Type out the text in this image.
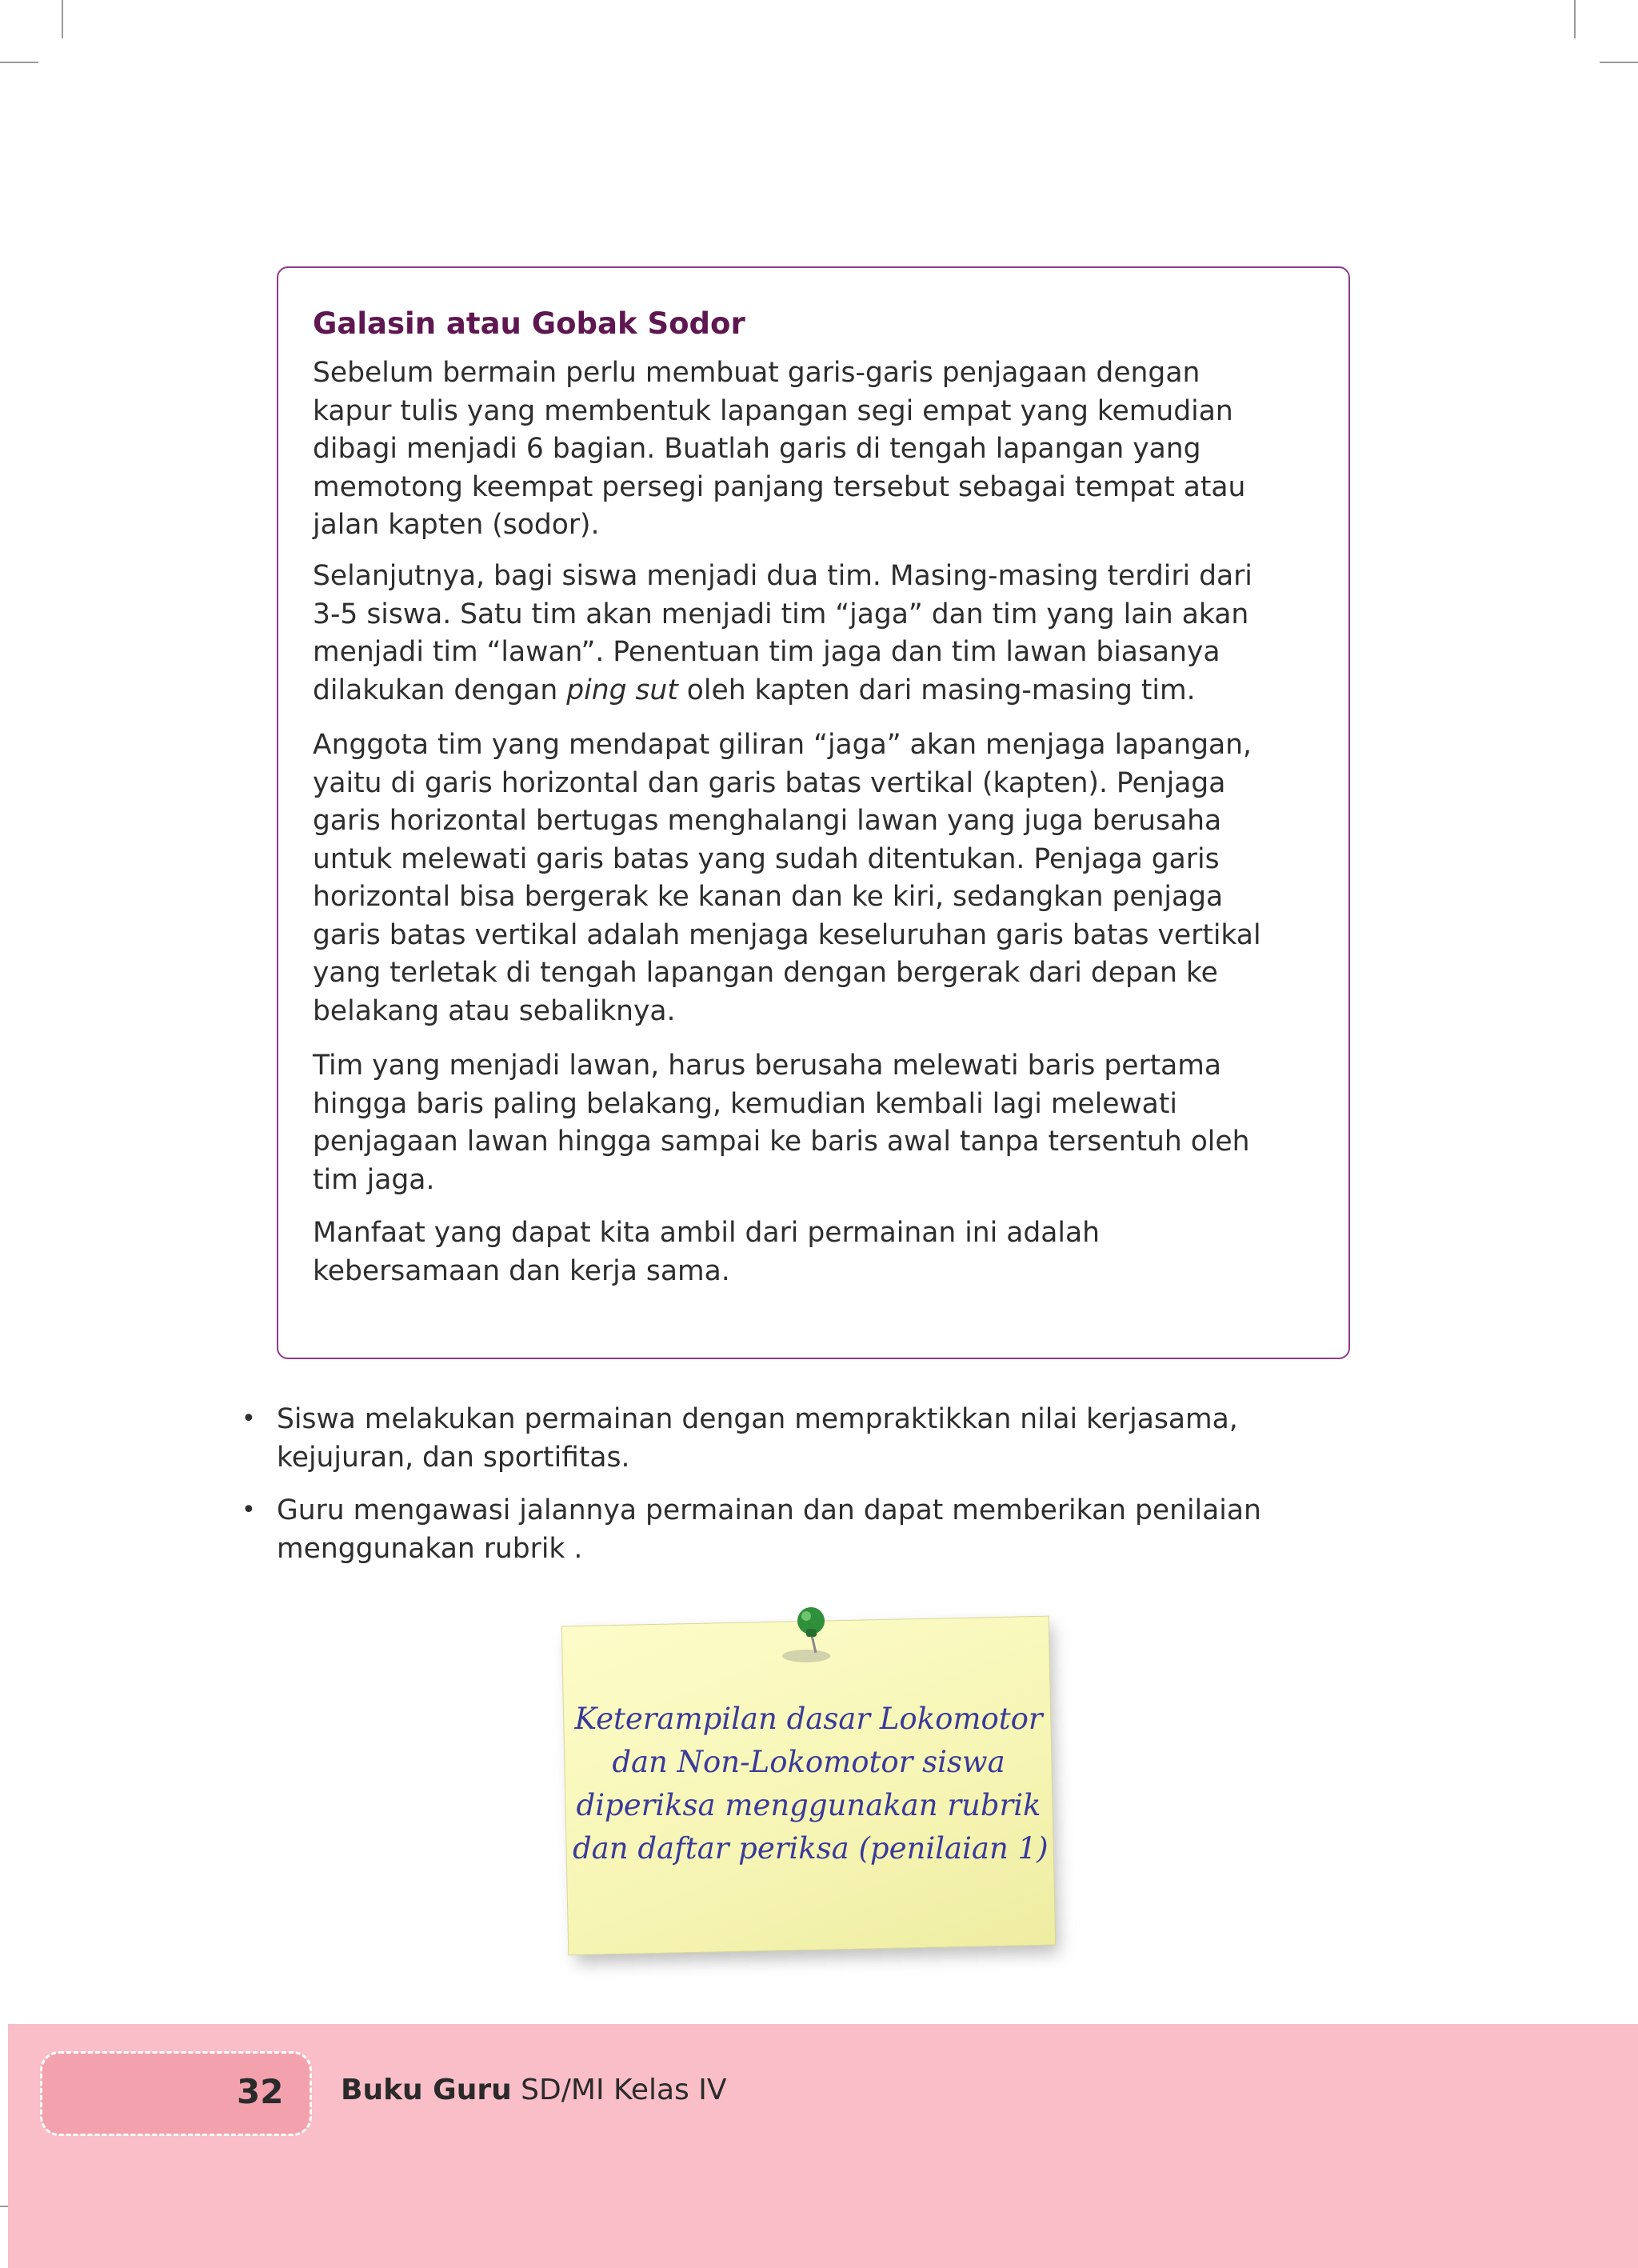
Galasin atau Gobak Sodor

Sebelum bermain perlu membuat garis-garis penjagaan dengan
kapur tulis yang membentuk lapangan segi empat yang kemudian
dibagi menjadi 6 bagian. Buatlah garis di tengah lapangan yang
memotong keempat persegi panjang tersebut sebagai tempat atau
jalan kapten (sodor).

Selanjutnya, bagi siswa menjadi dua tim. Masing-masing terdiri dari
3-5 siswa. Satu tim akan menjadi tim “jaga” dan tim yang lain akan
menjadi tim “lawan”. Penentuan tim jaga dan tim lawan biasanya
dilakukan dengan ping sut oleh kapten dari masing-masing tim.

Anggota tim yang mendapat giliran “jaga” akan menjaga lapangan,
yaitu di garis horizontal dan garis batas vertikal (kapten). Penjaga
garis horizontal bertugas menghalangi lawan yang juga berusaha
untuk melewati garis batas yang sudah ditentukan. Penjaga garis
horizontal bisa bergerak ke kanan dan ke kiri, sedangkan penjaga
garis batas vertikal adalah menjaga keseluruhan garis batas vertikal
yang terletak di tengah lapangan dengan bergerak dari depan ke
belakang atau sebaliknya.

Tim yang menjadi lawan, harus berusaha melewati baris pertama
hingga baris paling belakang, kemudian kembali lagi melewati
penjagaan lawan hingga sampai ke baris awal tanpa tersentuh oleh
tim jaga.

Manfaat yang dapat kita ambil dari permainan ini adalah
kebersamaan dan kerja sama.

• Siswa melakukan permainan dengan mempraktikkan nilai kerjasama,
kejujuran, dan sportifitas.
• Guru mengawasi jalannya permainan dan dapat memberikan penilaian
menggunakan rubrik .
Keterampilan dasar Lokomotor
dan Non-Lokomotor siswa
diperiksa menggunakan rubrik
dan daftar periksa (penilaian 1)
32 Buku Guru SD/MI Kelas IV
